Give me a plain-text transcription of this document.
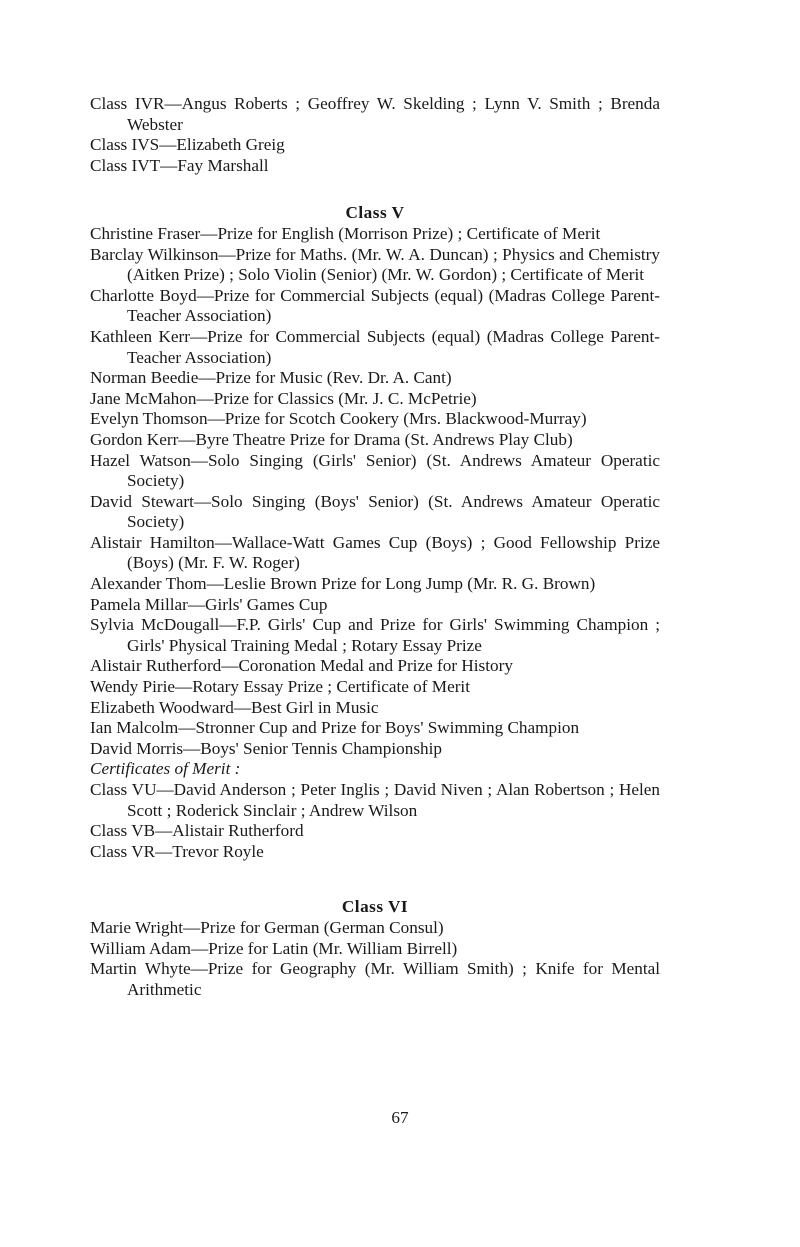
Class IVR—Angus Roberts ; Geoffrey W. Skelding ; Lynn V. Smith ; Brenda Webster
Class IVS—Elizabeth Greig
Class IVT—Fay Marshall
Class V
Christine Fraser—Prize for English (Morrison Prize) ; Certificate of Merit
Barclay Wilkinson—Prize for Maths. (Mr. W. A. Duncan) ; Physics and Chemistry (Aitken Prize) ; Solo Violin (Senior) (Mr. W. Gordon) ; Certificate of Merit
Charlotte Boyd—Prize for Commercial Subjects (equal) (Madras College Parent-Teacher Association)
Kathleen Kerr—Prize for Commercial Subjects (equal) (Madras College Parent-Teacher Association)
Norman Beedie—Prize for Music (Rev. Dr. A. Cant)
Jane McMahon—Prize for Classics (Mr. J. C. McPetrie)
Evelyn Thomson—Prize for Scotch Cookery (Mrs. Blackwood-Murray)
Gordon Kerr—Byre Theatre Prize for Drama (St. Andrews Play Club)
Hazel Watson—Solo Singing (Girls' Senior) (St. Andrews Amateur Operatic Society)
David Stewart—Solo Singing (Boys' Senior) (St. Andrews Amateur Operatic Society)
Alistair Hamilton—Wallace-Watt Games Cup (Boys) ; Good Fellowship Prize (Boys) (Mr. F. W. Roger)
Alexander Thom—Leslie Brown Prize for Long Jump (Mr. R. G. Brown)
Pamela Millar—Girls' Games Cup
Sylvia McDougall—F.P. Girls' Cup and Prize for Girls' Swimming Champion ; Girls' Physical Training Medal ; Rotary Essay Prize
Alistair Rutherford—Coronation Medal and Prize for History
Wendy Pirie—Rotary Essay Prize ; Certificate of Merit
Elizabeth Woodward—Best Girl in Music
Ian Malcolm—Stronner Cup and Prize for Boys' Swimming Champion
David Morris—Boys' Senior Tennis Championship
Certificates of Merit :
Class VU—David Anderson ; Peter Inglis ; David Niven ; Alan Robertson ; Helen Scott ; Roderick Sinclair ; Andrew Wilson
Class VB—Alistair Rutherford
Class VR—Trevor Royle
Class VI
Marie Wright—Prize for German (German Consul)
William Adam—Prize for Latin (Mr. William Birrell)
Martin Whyte—Prize for Geography (Mr. William Smith) ; Knife for Mental Arithmetic
67
